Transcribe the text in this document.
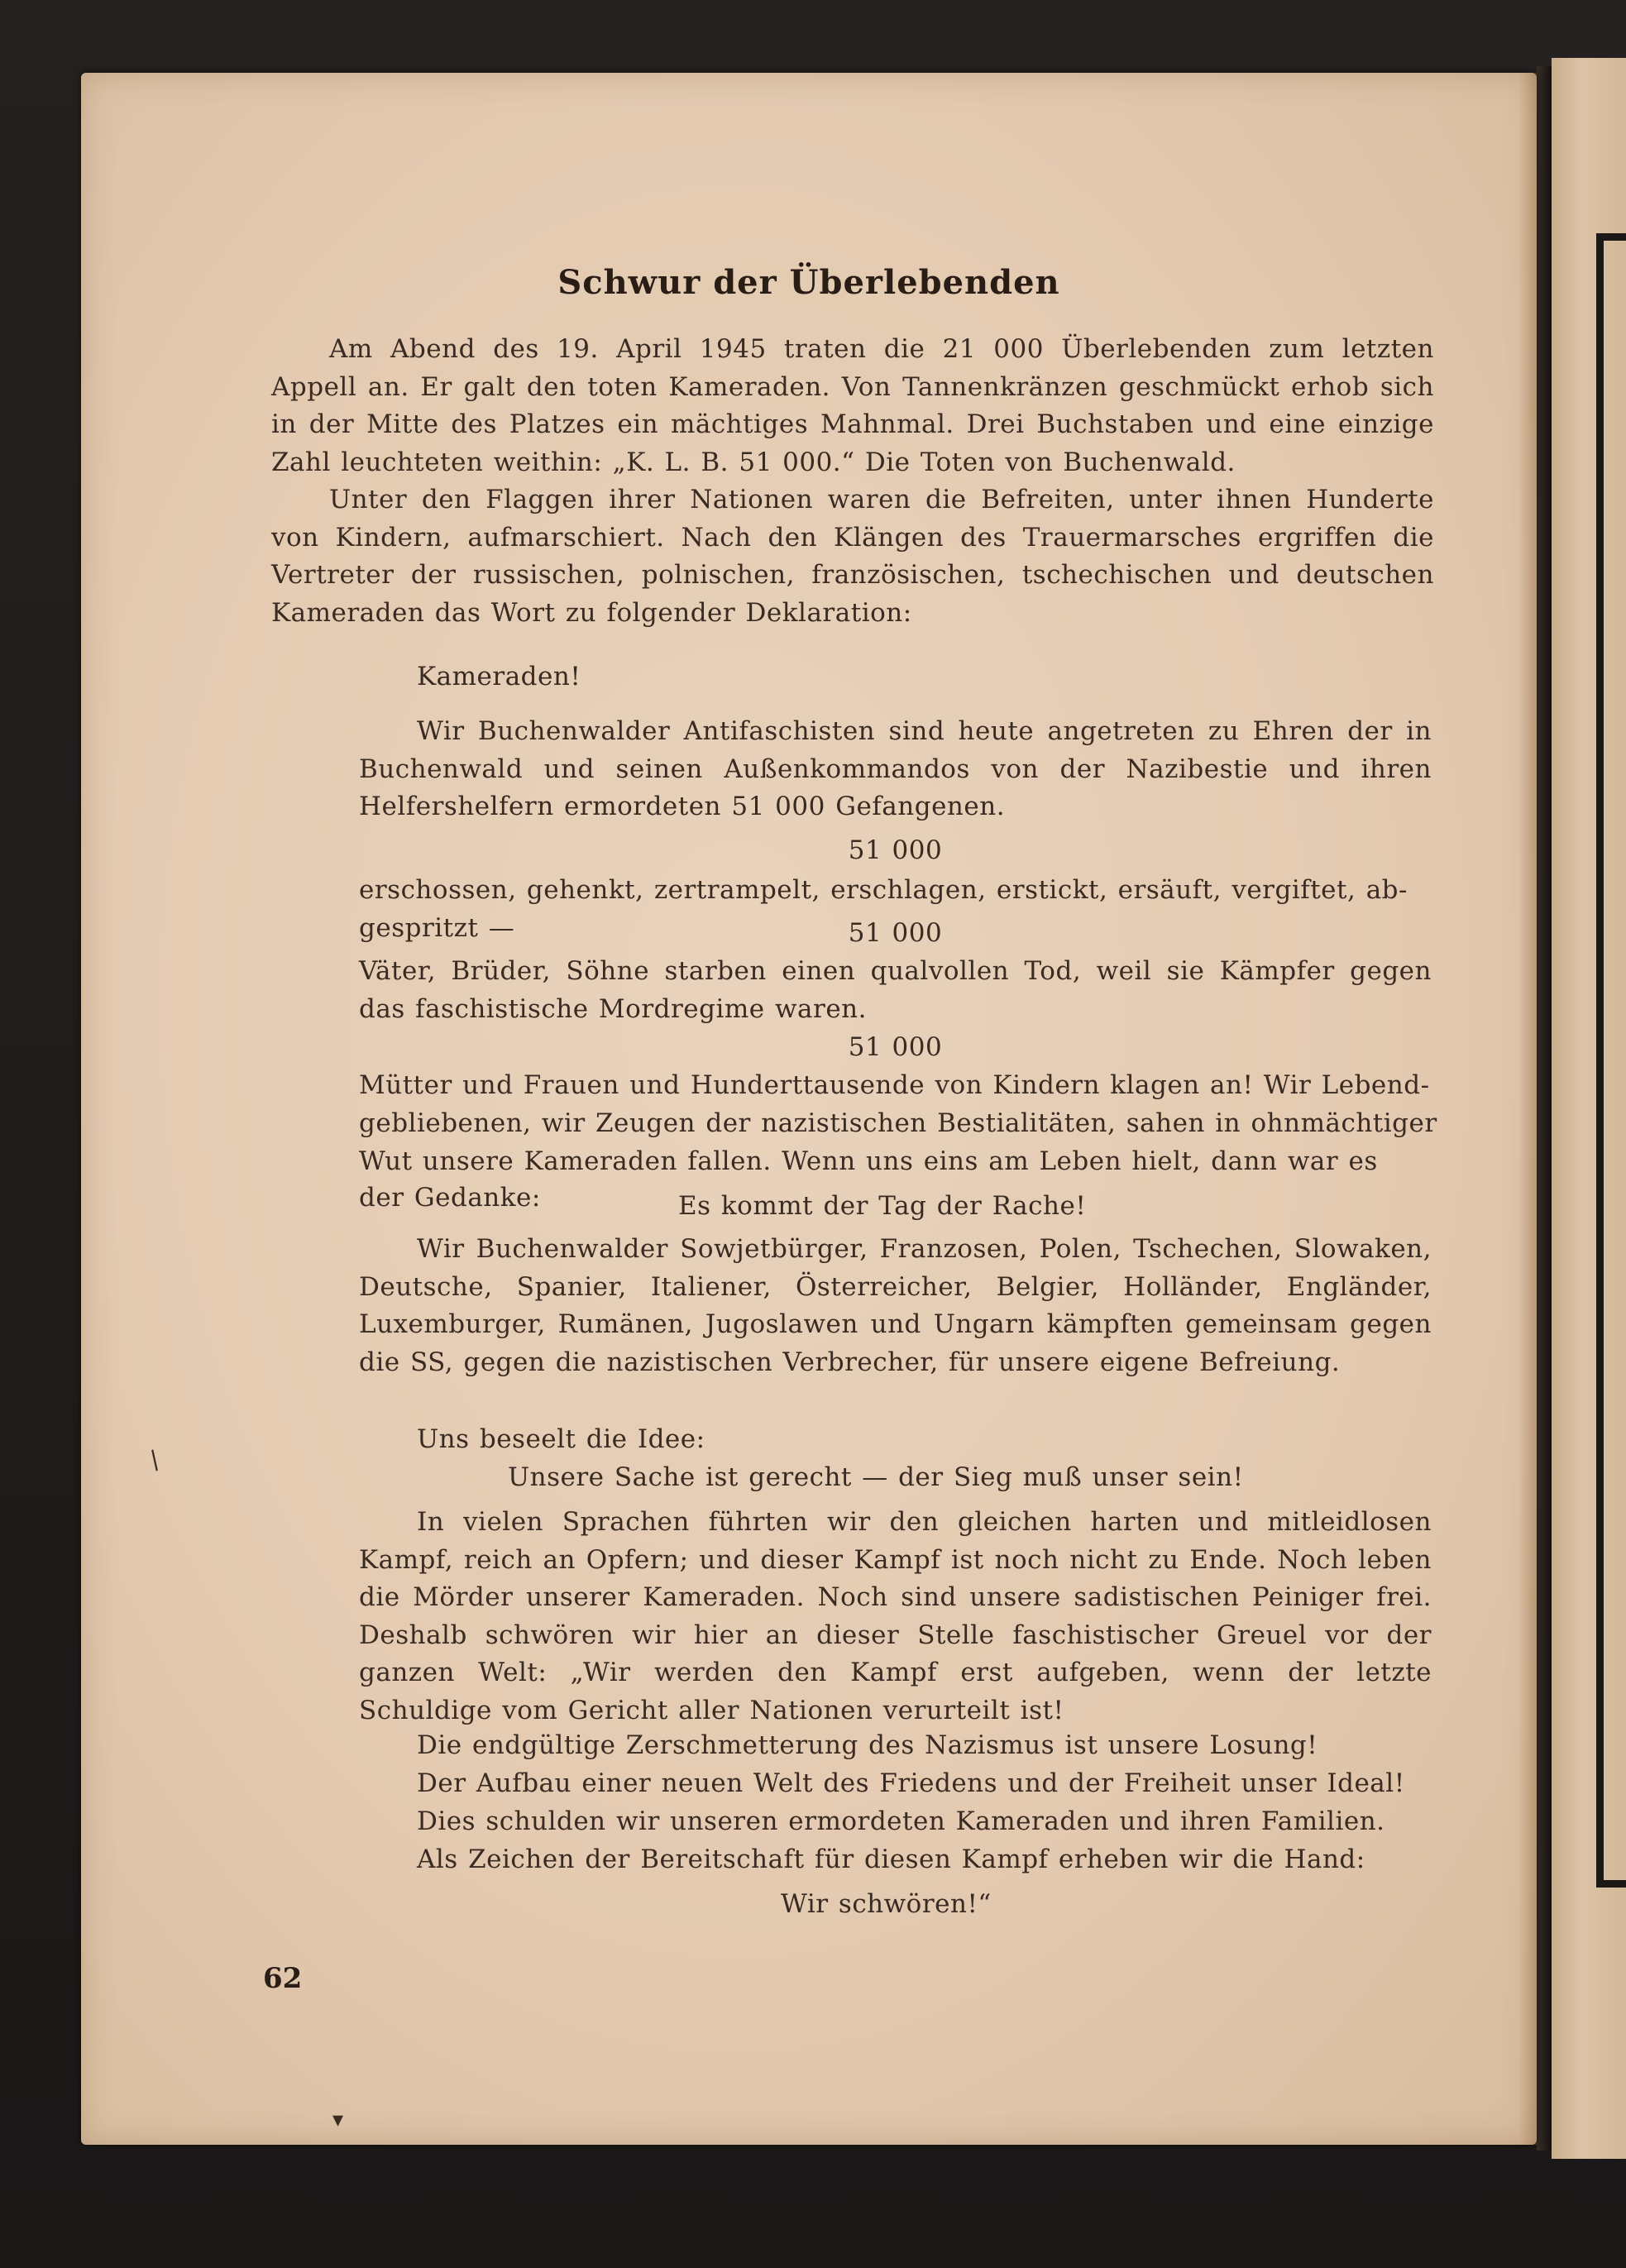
Schwur der Überlebenden

Am Abend des 19. April 1945 traten die 21 000 Überlebenden zum letzten Appell an. Er galt den toten Kameraden. Von Tannenkränzen geschmückt erhob sich in der Mitte des Platzes ein mächtiges Mahnmal. Drei Buchstaben und eine einzige Zahl leuchteten weithin: „K. L. B. 51 000.“ Die Toten von Buchenwald.

Unter den Flaggen ihrer Nationen waren die Befreiten, unter ihnen Hunderte von Kindern, aufmarschiert. Nach den Klängen des Trauermarsches ergriffen die Vertreter der russischen, polnischen, französischen, tschechischen und deutschen Kameraden das Wort zu folgender Deklaration:

Kameraden!

Wir Buchenwalder Antifaschisten sind heute angetreten zu Ehren der in Buchenwald und seinen Außenkommandos von der Nazibestie und ihren Helfershelfern ermordeten 51 000 Gefangenen.

51 000

erschossen, gehenkt, zertrampelt, erschlagen, erstickt, ersäuft, vergiftet, ab-

gespritzt —	51 000

Väter, Brüder, Söhne starben einen qualvollen Tod, weil sie Kämpfer gegen das faschistische Mordregime waren.

51 000

Mütter und Frauen und Hunderttausende von Kindern klagen an! Wir Lebend-

gebliebenen, wir Zeugen der nazistischen Bestialitäten, sahen in ohnmächtiger

Wut unsere Kameraden fallen. Wenn uns eins am Leben hielt, dann war es

der Gedanke:	Es kommt der Tag der Rache!

Wir Buchenwalder Sowjetbürger, Franzosen, Polen, Tschechen, Slowaken, Deutsche, Spanier, Italiener, Österreicher, Belgier, Holländer, Engländer, Luxemburger, Rumänen, Jugoslawen und Ungarn kämpften gemeinsam gegen die SS, gegen die nazistischen Verbrecher, für unsere eigene Befreiung.

Uns beseelt die Idee:

Unsere Sache ist gerecht — der Sieg muß unser sein!

In vielen Sprachen führten wir den gleichen harten und mitleidlosen Kampf, reich an Opfern; und dieser Kampf ist noch nicht zu Ende. Noch leben die Mörder unserer Kameraden. Noch sind unsere sadistischen Peiniger frei. Deshalb schwören wir hier an dieser Stelle faschistischer Greuel vor der ganzen Welt: „Wir werden den Kampf erst aufgeben, wenn der letzte Schuldige vom Gericht aller Nationen verurteilt ist!

Die endgültige Zerschmetterung des Nazismus ist unsere Losung!

Der Aufbau einer neuen Welt des Friedens und der Freiheit unser Ideal!

Dies schulden wir unseren ermordeten Kameraden und ihren Familien.

Als Zeichen der Bereitschaft für diesen Kampf erheben wir die Hand:

Wir schwören!“

62

/
▾
